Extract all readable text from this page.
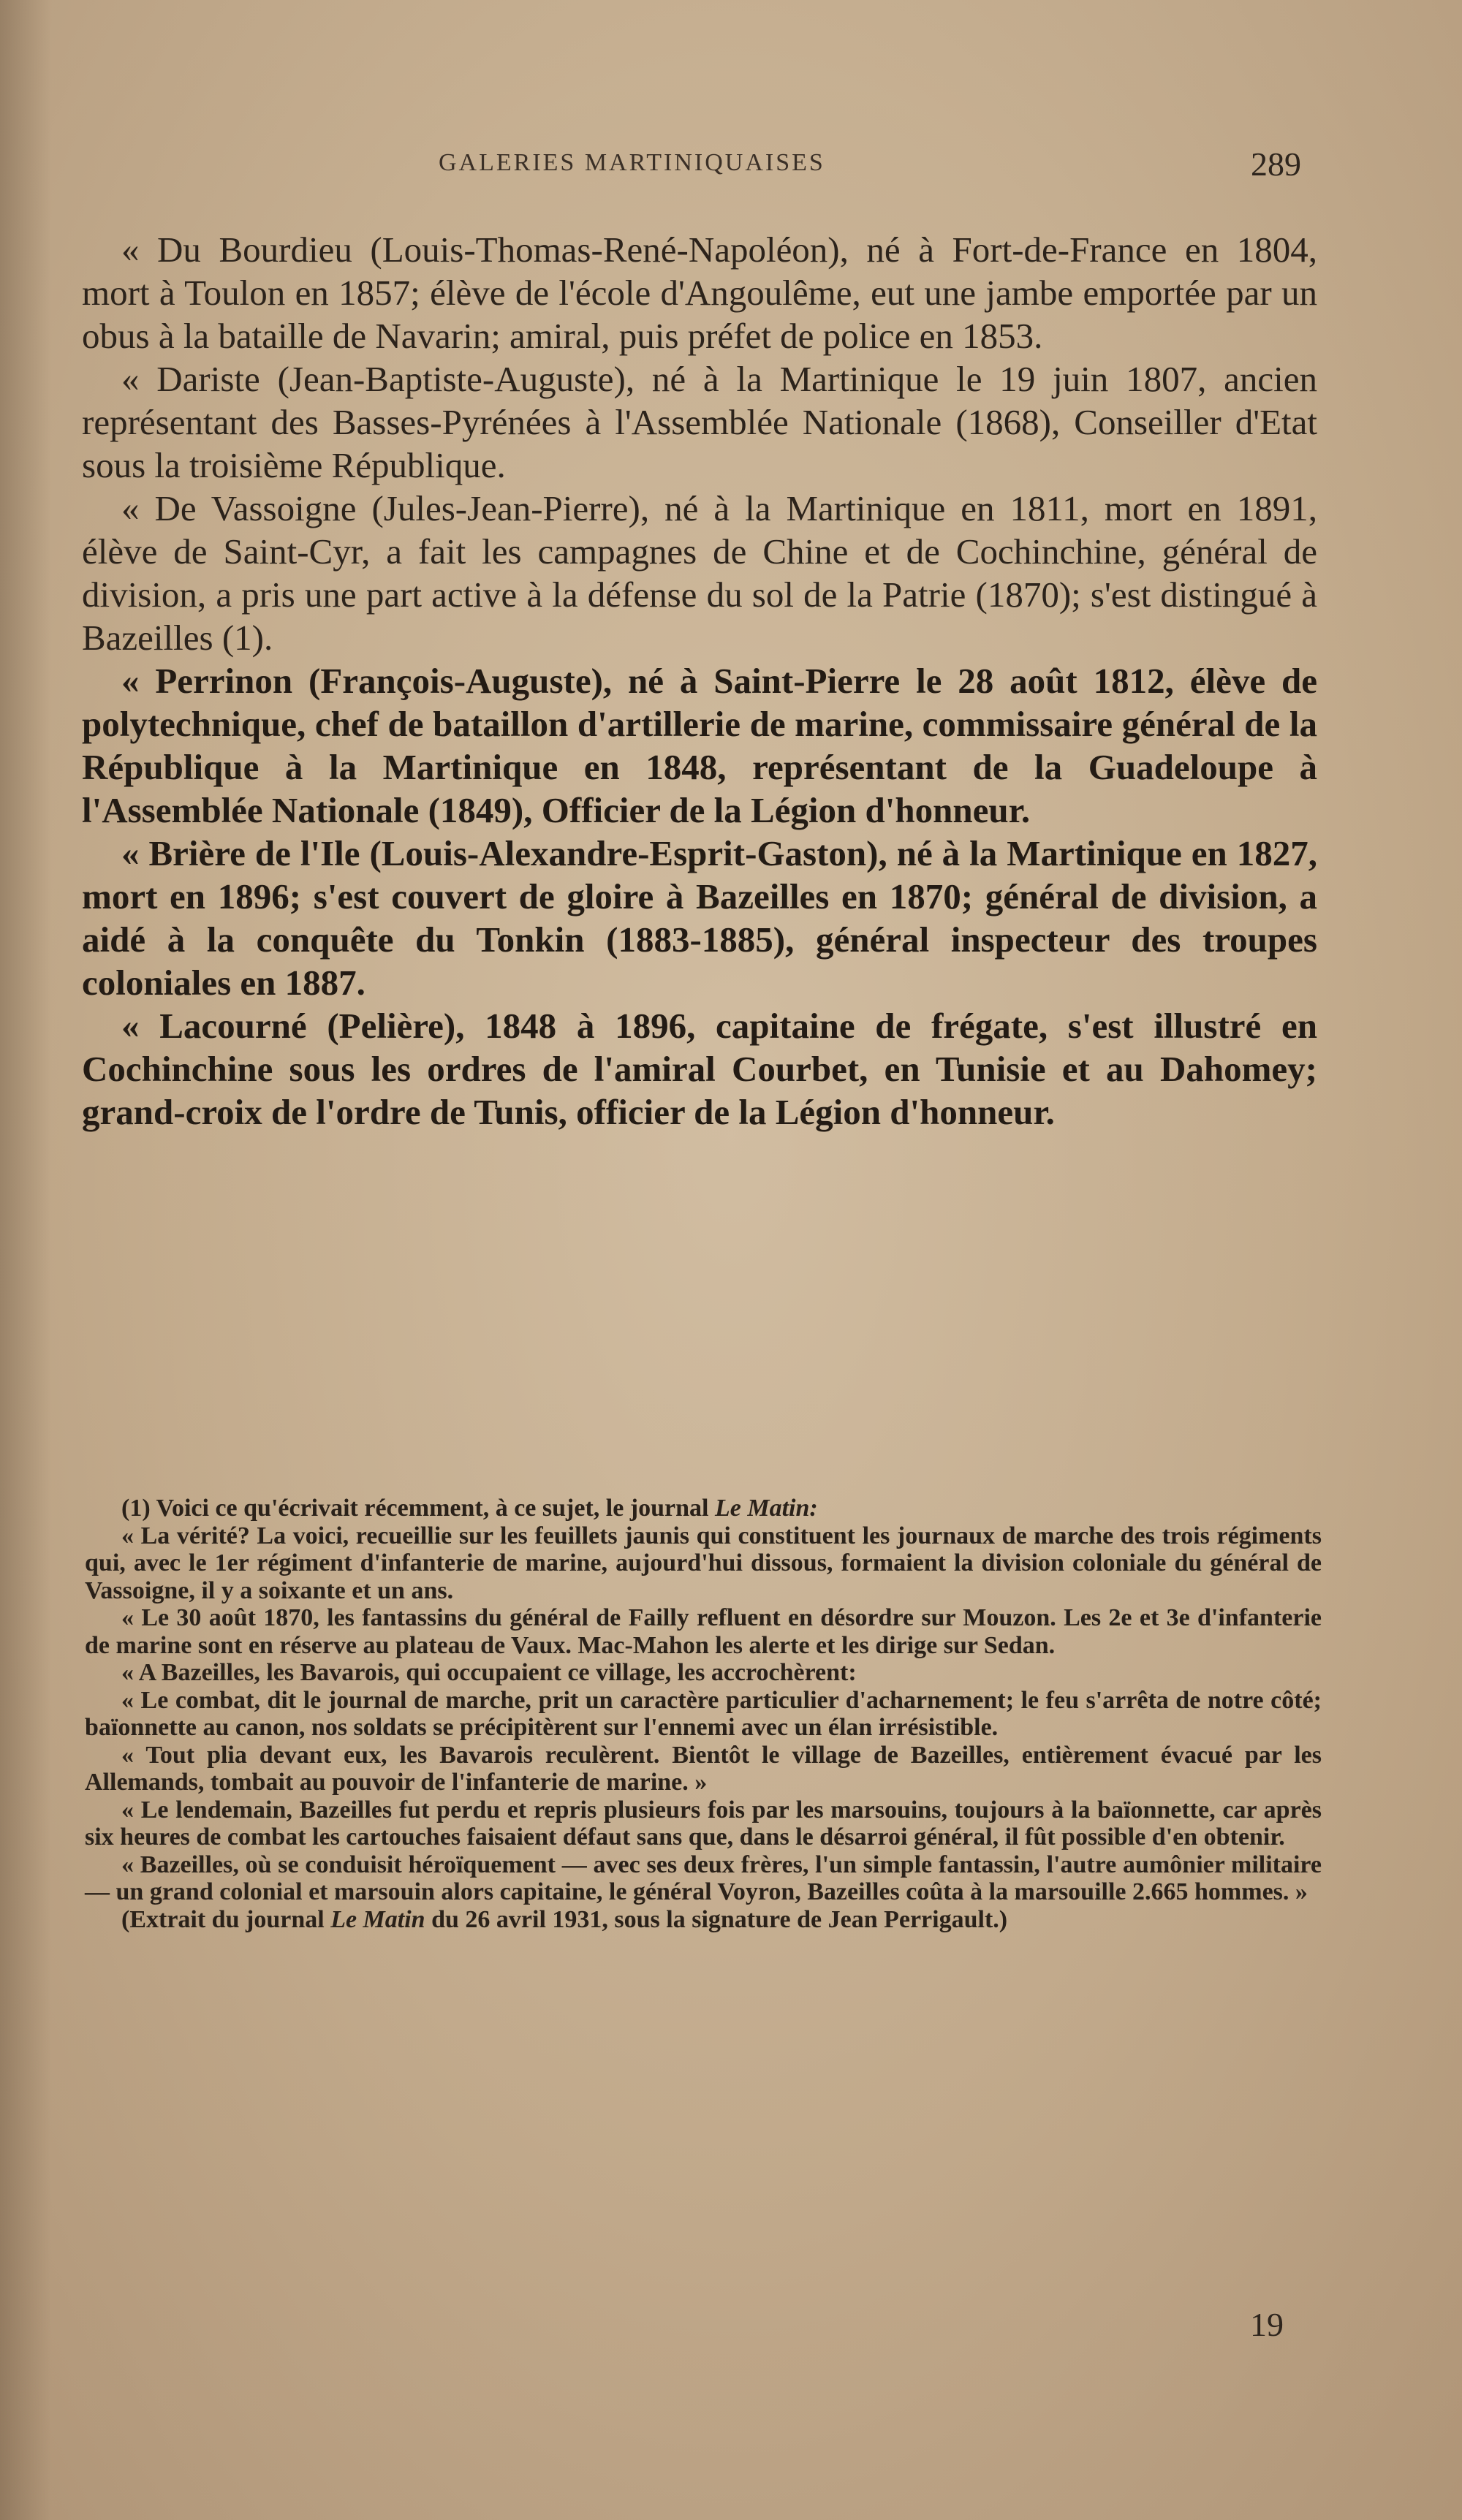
GALERIES MARTINIQUAISES	289

« Du Bourdieu (Louis-Thomas-René-Napoléon), né à Fort-de-France en 1804, mort à Toulon en 1857; élève de l'école d'Angoulême, eut une jambe emportée par un obus à la bataille de Navarin; amiral, puis préfet de police en 1853.

« Dariste (Jean-Baptiste-Auguste), né à la Martinique le 19 juin 1807, ancien représentant des Basses-Pyrénées à l'Assemblée Nationale (1868), Conseiller d'Etat sous la troisième République.

« De Vassoigne (Jules-Jean-Pierre), né à la Martinique en 1811, mort en 1891, élève de Saint-Cyr, a fait les campagnes de Chine et de Cochinchine, général de division, a pris une part active à la défense du sol de la Patrie (1870); s'est distingué à Bazeilles (1).

« Perrinon (François-Auguste), né à Saint-Pierre le 28 août 1812, élève de polytechnique, chef de bataillon d'artillerie de marine, commissaire général de la République à la Martinique en 1848, représentant de la Guadeloupe à l'Assemblée Nationale (1849), Officier de la Légion d'honneur.

« Brière de l'Ile (Louis-Alexandre-Esprit-Gaston), né à la Martinique en 1827, mort en 1896; s'est couvert de gloire à Bazeilles en 1870; général de division, a aidé à la conquête du Tonkin (1883-1885), général inspecteur des troupes coloniales en 1887.

« Lacourné (Pelière), 1848 à 1896, capitaine de frégate, s'est illustré en Cochinchine sous les ordres de l'amiral Courbet, en Tunisie et au Dahomey; grand-croix de l'ordre de Tunis, officier de la Légion d'honneur.

(1) Voici ce qu'écrivait récemment, à ce sujet, le journal Le Matin:

« La vérité? La voici, recueillie sur les feuillets jaunis qui constituent les journaux de marche des trois régiments qui, avec le 1er régiment d'infanterie de marine, aujourd'hui dissous, formaient la division coloniale du général de Vassoigne, il y a soixante et un ans.

« Le 30 août 1870, les fantassins du général de Failly refluent en désordre sur Mouzon. Les 2e et 3e d'infanterie de marine sont en réserve au plateau de Vaux. Mac-Mahon les alerte et les dirige sur Sedan.

« A Bazeilles, les Bavarois, qui occupaient ce village, les accrochèrent:

« Le combat, dit le journal de marche, prit un caractère particulier d'acharnement; le feu s'arrêta de notre côté; baïonnette au canon, nos soldats se précipitèrent sur l'ennemi avec un élan irrésistible.

« Tout plia devant eux, les Bavarois reculèrent. Bientôt le village de Bazeilles, entièrement évacué par les Allemands, tombait au pouvoir de l'infanterie de marine. »

« Le lendemain, Bazeilles fut perdu et repris plusieurs fois par les marsouins, toujours à la baïonnette, car après six heures de combat les cartouches faisaient défaut sans que, dans le désarroi général, il fût possible d'en obtenir.

« Bazeilles, où se conduisit héroïquement — avec ses deux frères, l'un simple fantassin, l'autre aumônier militaire — un grand colonial et marsouin alors capitaine, le général Voyron, Bazeilles coûta à la marsouille 2.665 hommes. »

(Extrait du journal Le Matin du 26 avril 1931, sous la signature de Jean Perrigault.)

19
